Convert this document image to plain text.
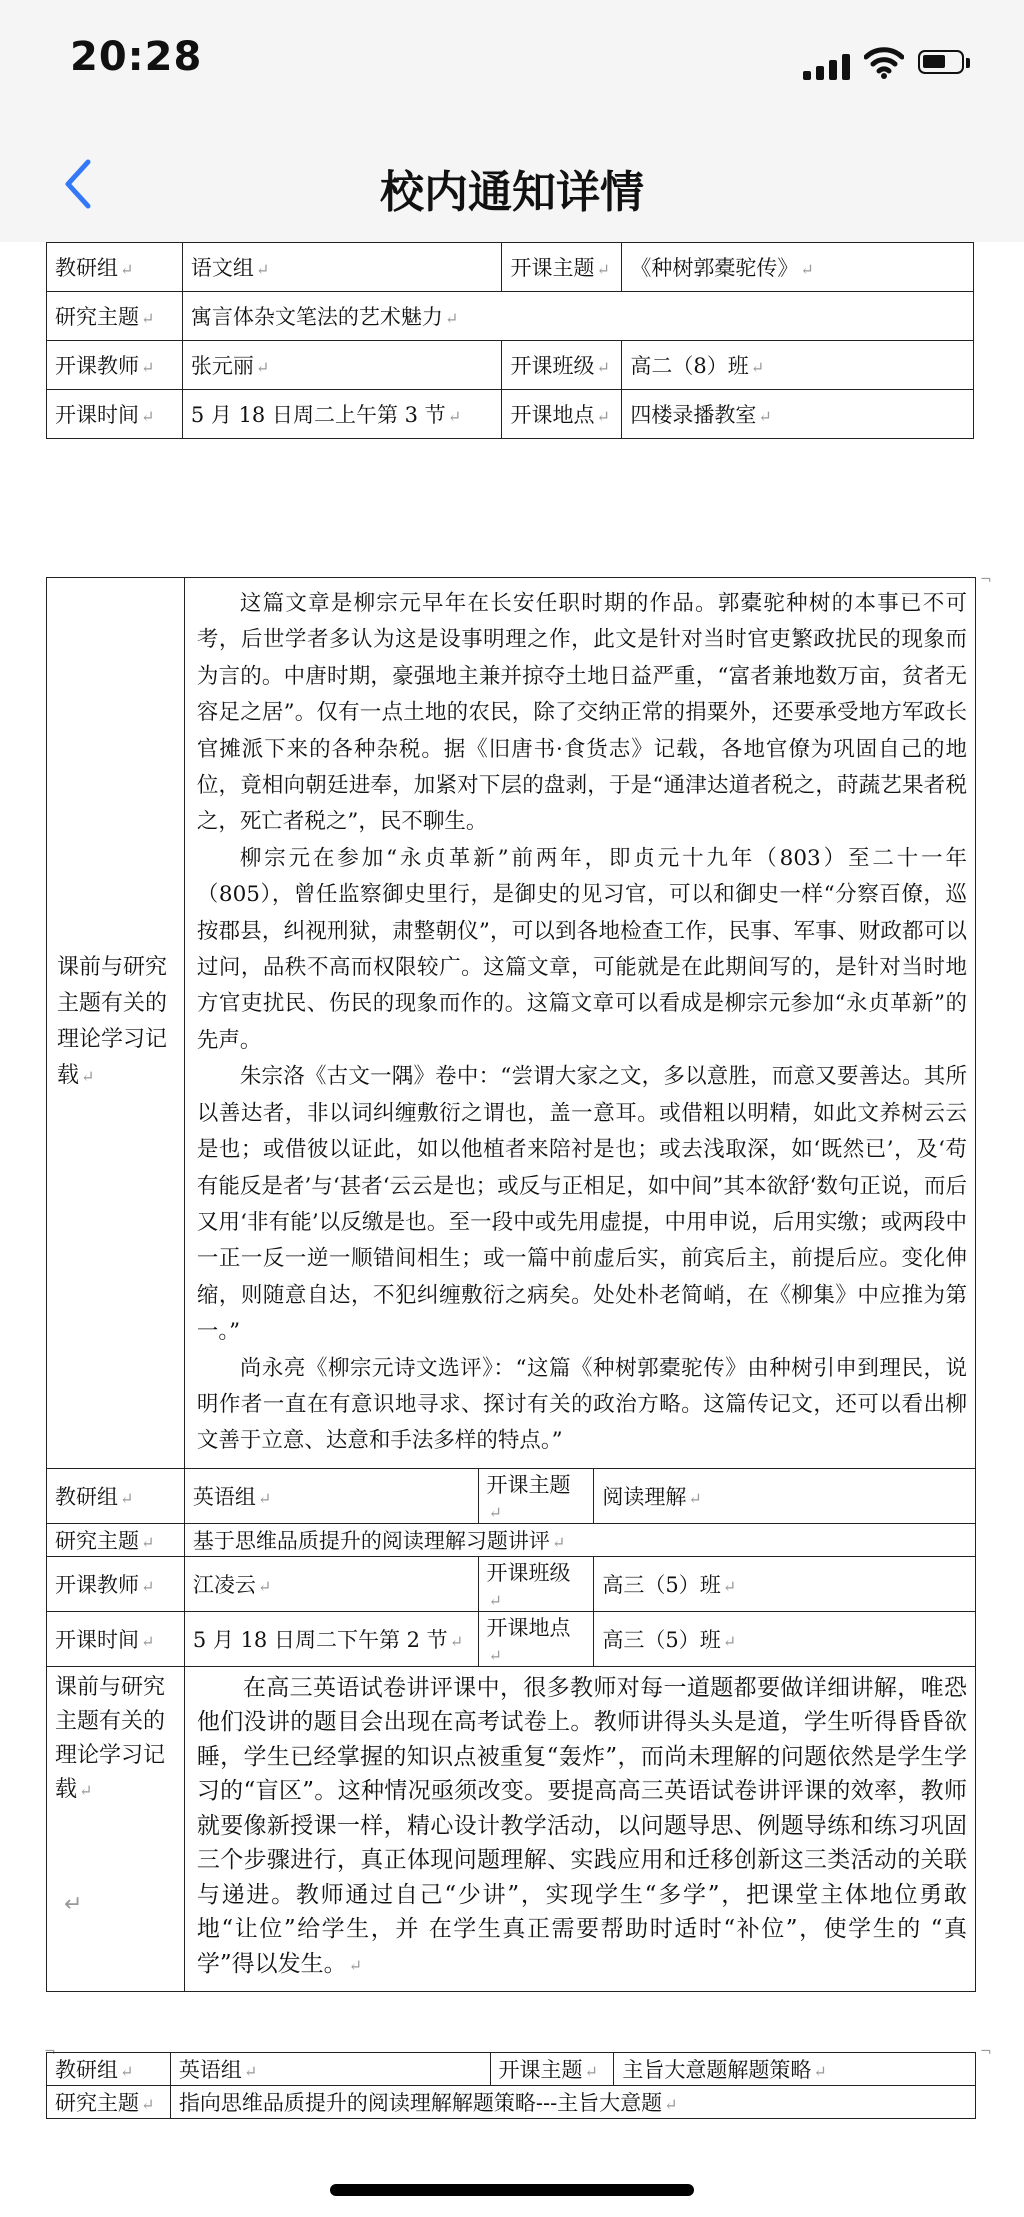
20:28
校内通知详情
教研组 ↵	语文组 ↵	开课主题 ↵	《种树郭橐驼传》 ↵
研究主题 ↵	寓言体杂文笔法的艺术魅力 ↵		
开课教师 ↵	张元丽 ↵	开课班级 ↵	高二（8）班 ↵
开课时间 ↵	5 月 18 日周二上午第 3 节 ↵	开课地点 ↵	四楼录播教室 ↵
¬
课前与研究主题有关的理论学习记载 ↵	这篇文章是柳宗元早年在长安任职时期的作品。郭橐驼种树的本事已不可考，后世学者多认为这是设事明理之作，此文是针对当时官吏繁政扰民的现象而为言的。中唐时期，豪强地主兼并掠夺土地日益严重，“富者兼地数万亩，贫者无容足之居”。仅有一点土地的农民，除了交纳正常的捐粟外，还要承受地方军政长官摊派下来的各种杂税。据《旧唐书·食货志》记载，各地官僚为巩固自己的地位，竟相向朝廷进奉，加紧对下层的盘剥，于是“通津达道者税之，莳蔬艺果者税之，死亡者税之”，民不聊生。

柳宗元在参加“永贞革新”前两年，即贞元十九年（803）至二十一年（805），曾任监察御史里行，是御史的见习官，可以和御史一样“分察百僚，巡按郡县，纠视刑狱，肃整朝仪”，可以到各地检查工作，民事、军事、财政都可以过问，品秩不高而权限较广。这篇文章，可能就是在此期间写的，是针对当时地方官吏扰民、伤民的现象而作的。这篇文章可以看成是柳宗元参加“永贞革新”的先声。

朱宗洛《古文一隅》卷中：“尝谓大家之文，多以意胜，而意又要善达。其所以善达者，非以词纠缠敷衍之谓也，盖一意耳。或借粗以明精，如此文养树云云是也；或借彼以证此，如以他植者来陪衬是也；或去浅取深，如‘既然已’，及‘苟有能反是者’与‘甚者‘云云是也；或反与正相足，如中间”其本欲舒‘数句正说，而后又用‘非有能’以反缴是也。至一段中或先用虚提，中用申说，后用实缴；或两段中一正一反一逆一顺错间相生；或一篇中前虚后实，前宾后主，前提后应。变化伸缩，则随意自达，不犯纠缠敷衍之病矣。处处朴老简峭，在《柳集》中应推为第一。”

尚永亮《柳宗元诗文选评》：“这篇《种树郭橐驼传》由种树引申到理民，说明作者一直在有意识地寻求、探讨有关的政治方略。这篇传记文，还可以看出柳文善于立意、达意和手法多样的特点。”		

教研组 ↵	英语组 ↵	开课主题↵	阅读理解 ↵
研究主题 ↵	基于思维品质提升的阅读理解习题讲评 ↵		
开课教师 ↵	江凌云 ↵	开课班级↵	高三（5）班 ↵
开课时间 ↵	5 月 18 日周二下午第 2 节 ↵	开课地点↵	高三（5）班 ↵
课前与研究主题有关的理论学习记载 ↵	在高三英语试卷讲评课中，很多教师对每一道题都要做详细讲解，唯恐他们没讲的题目会出现在高考试卷上。教师讲得头头是道，学生听得昏昏欲睡，学生已经掌握的知识点被重复“轰炸”，而尚未理解的问题依然是学生学习的“盲区”。这种情况亟须改变。要提高高三英语试卷讲评课的效率，教师就要像新授课一样，精心设计教学活动，以问题导思、例题导练和练习巩固三个步骤进行，真正体现问题理解、实践应用和迁移创新这三类活动的关联与递进。教师通过自己“少讲”，实现学生“多学”，把课堂主体地位勇敢地“让位”给学生，并 在学生真正需要帮助时适时“补位”，使学生的 “真学”得以发生。 ↵		

↵
¬	¬
教研组 ↵	英语组 ↵	开课主题 ↵	主旨大意题解题策略 ↵
研究主题 ↵	指向思维品质提升的阅读理解解题策略---主旨大意题 ↵		
